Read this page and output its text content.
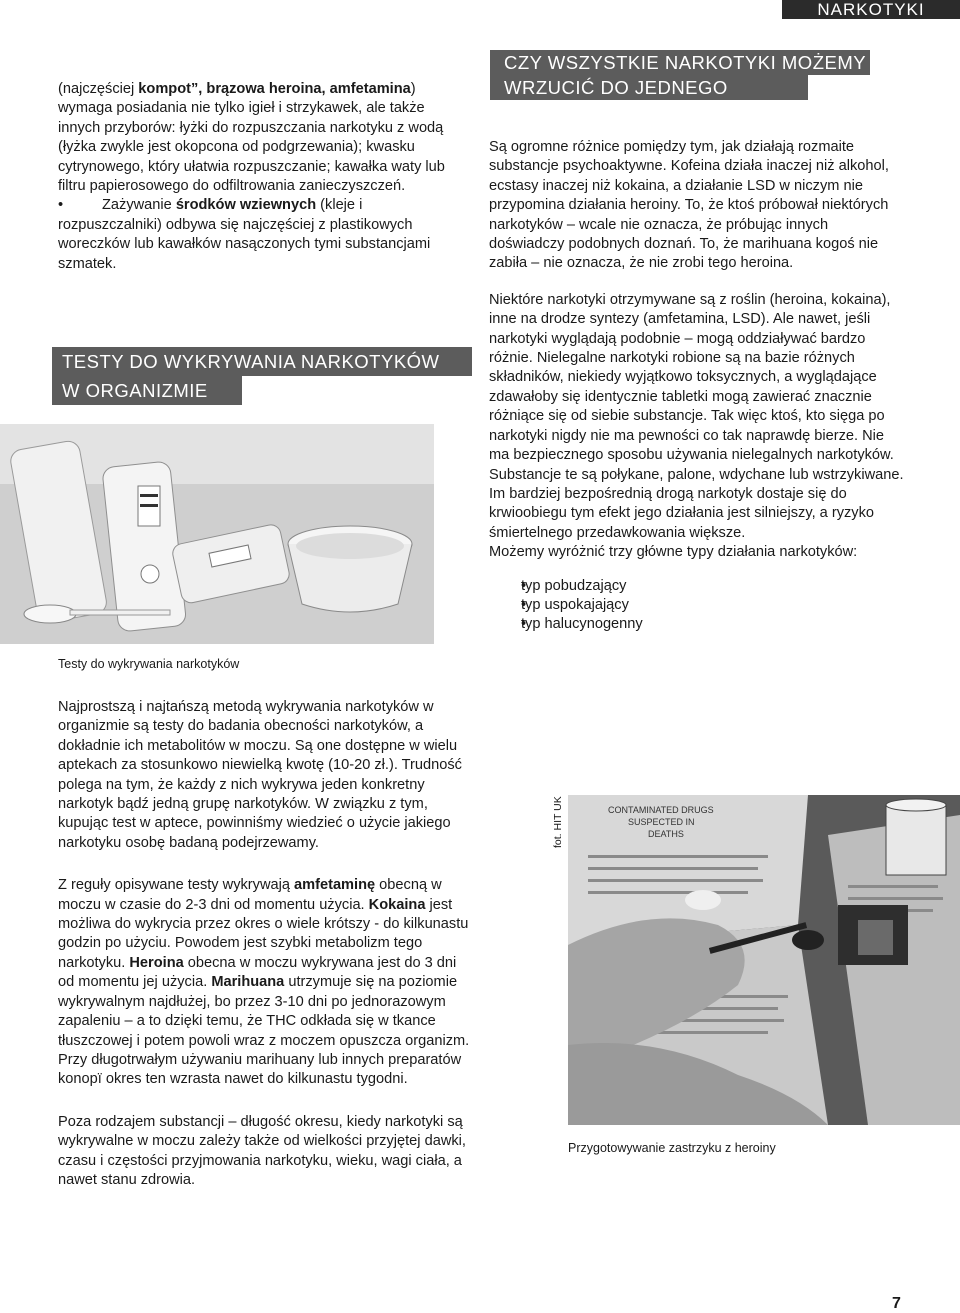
NARKOTYKI

(najczęściej kompot”, brązowa heroina, amfetamina) wymaga posiadania nie tylko igieł i strzykawek, ale także innych przyborów: łyżki do rozpuszczania narkotyku z wodą (łyżka zwykle jest okopcona od podgrzewania); kwasku cytrynowego, który ułatwia rozpuszczanie; kawałka waty lub filtru papierosowego do odfiltrowania zanieczyszczeń.

• Zażywanie środków wziewnych (kleje i rozpuszczalniki) odbywa się najczęściej z plastikowych woreczków lub kawałków nasączonych tymi substancjami szmatek.
TESTY DO WYKRYWANIA NARKOTYKÓW
W ORGANIZMIE
Testy do wykrywania narkotyków

Najprostszą i najtańszą metodą wykrywania narkotyków w organizmie są testy do badania obecności narkotyków, a dokładnie ich metabolitów w moczu. Są one dostępne w wielu aptekach za stosunkowo niewielką kwotę (10-20 zł.). Trudność polega na tym, że każdy z nich wykrywa jeden konkretny narkotyk bądź jedną grupę narkotyków. W związku z tym, kupując test w aptece, powinniśmy wiedzieć o użycie jakiego narkotyku osobę badaną podejrzewamy.

Z reguły opisywane testy wykrywają amfetaminę obecną w moczu w czasie do 2-3 dni od momentu użycia. Kokaina jest możliwa do wykrycia przez okres o wiele krótszy - do kilkunastu godzin po użyciu. Powodem jest szybki metabolizm tego narkotyku. Heroina obecna w moczu wykrywana jest do 3 dni od momentu jej użycia. Marihuana utrzymuje się na poziomie wykrywalnym najdłużej, bo przez 3-10 dni po jednorazowym zapaleniu – a to dzięki temu, że THC odkłada się w tkance tłuszczowej i potem powoli wraz z moczem opuszcza organizm. Przy długotrwałym używaniu marihuany lub innych preparatów konopï okres ten wzrasta nawet do kilkunastu tygodni.

Poza rodzajem substancji – długość okresu, kiedy narkotyki są wykrywalne w moczu zależy także od wielkości przyjętej dawki, czasu i częstości przyjmowania narkotyku, wieku, wagi ciała, a nawet stanu zdrowia.

CZY WSZYSTKIE NARKOTYKI MOŻEMY
WRZUCIĆ DO JEDNEGO WORKA?

Są ogromne różnice pomiędzy tym, jak działają rozmaite substancje psychoaktywne. Kofeina działa inaczej niż alkohol, ecstasy inaczej niż kokaina, a działanie LSD w niczym nie przypomina działania heroiny. To, że ktoś próbował niektórych narkotyków – wcale nie oznacza, że próbując innych doświadczy podobnych doznań. To, że marihuana kogoś nie zabiła – nie oznacza, że nie zrobi tego heroina.

Niektóre narkotyki otrzymywane są z roślin (heroina, kokaina), inne na drodze syntezy (amfetamina, LSD). Ale nawet, jeśli narkotyki wyglądają podobnie – mogą oddziaływać bardzo różnie. Nielegalne narkotyki robione są na bazie różnych składników, niekiedy wyjątkowo toksycznych, a wyglądające zdawałoby się identycznie tabletki mogą zawierać znacznie różniące się od siebie substancje. Tak więc ktoś, kto sięga po narkotyki nigdy nie ma pewności co tak naprawdę bierze. Nie ma bezpiecznego sposobu używania nielegalnych narkotyków. Substancje te są połykane, palone, wdychane lub wstrzykiwane. Im bardziej bezpośrednią drogą narkotyk dostaje się do krwioobiegu tym efekt jego działania jest silniejszy, a ryzyko śmiertelnego przedawkowania większe.

Możemy wyróżnić trzy główne typy działania narkotyków:

• typ pobudzający
• typ uspokajający
• typ halucynogenny
fot. HIT UK	CONTAMINATED DRUGS
SUSPECTED IN
DEATHS
Przygotowywanie zastrzyku z heroiny
7
